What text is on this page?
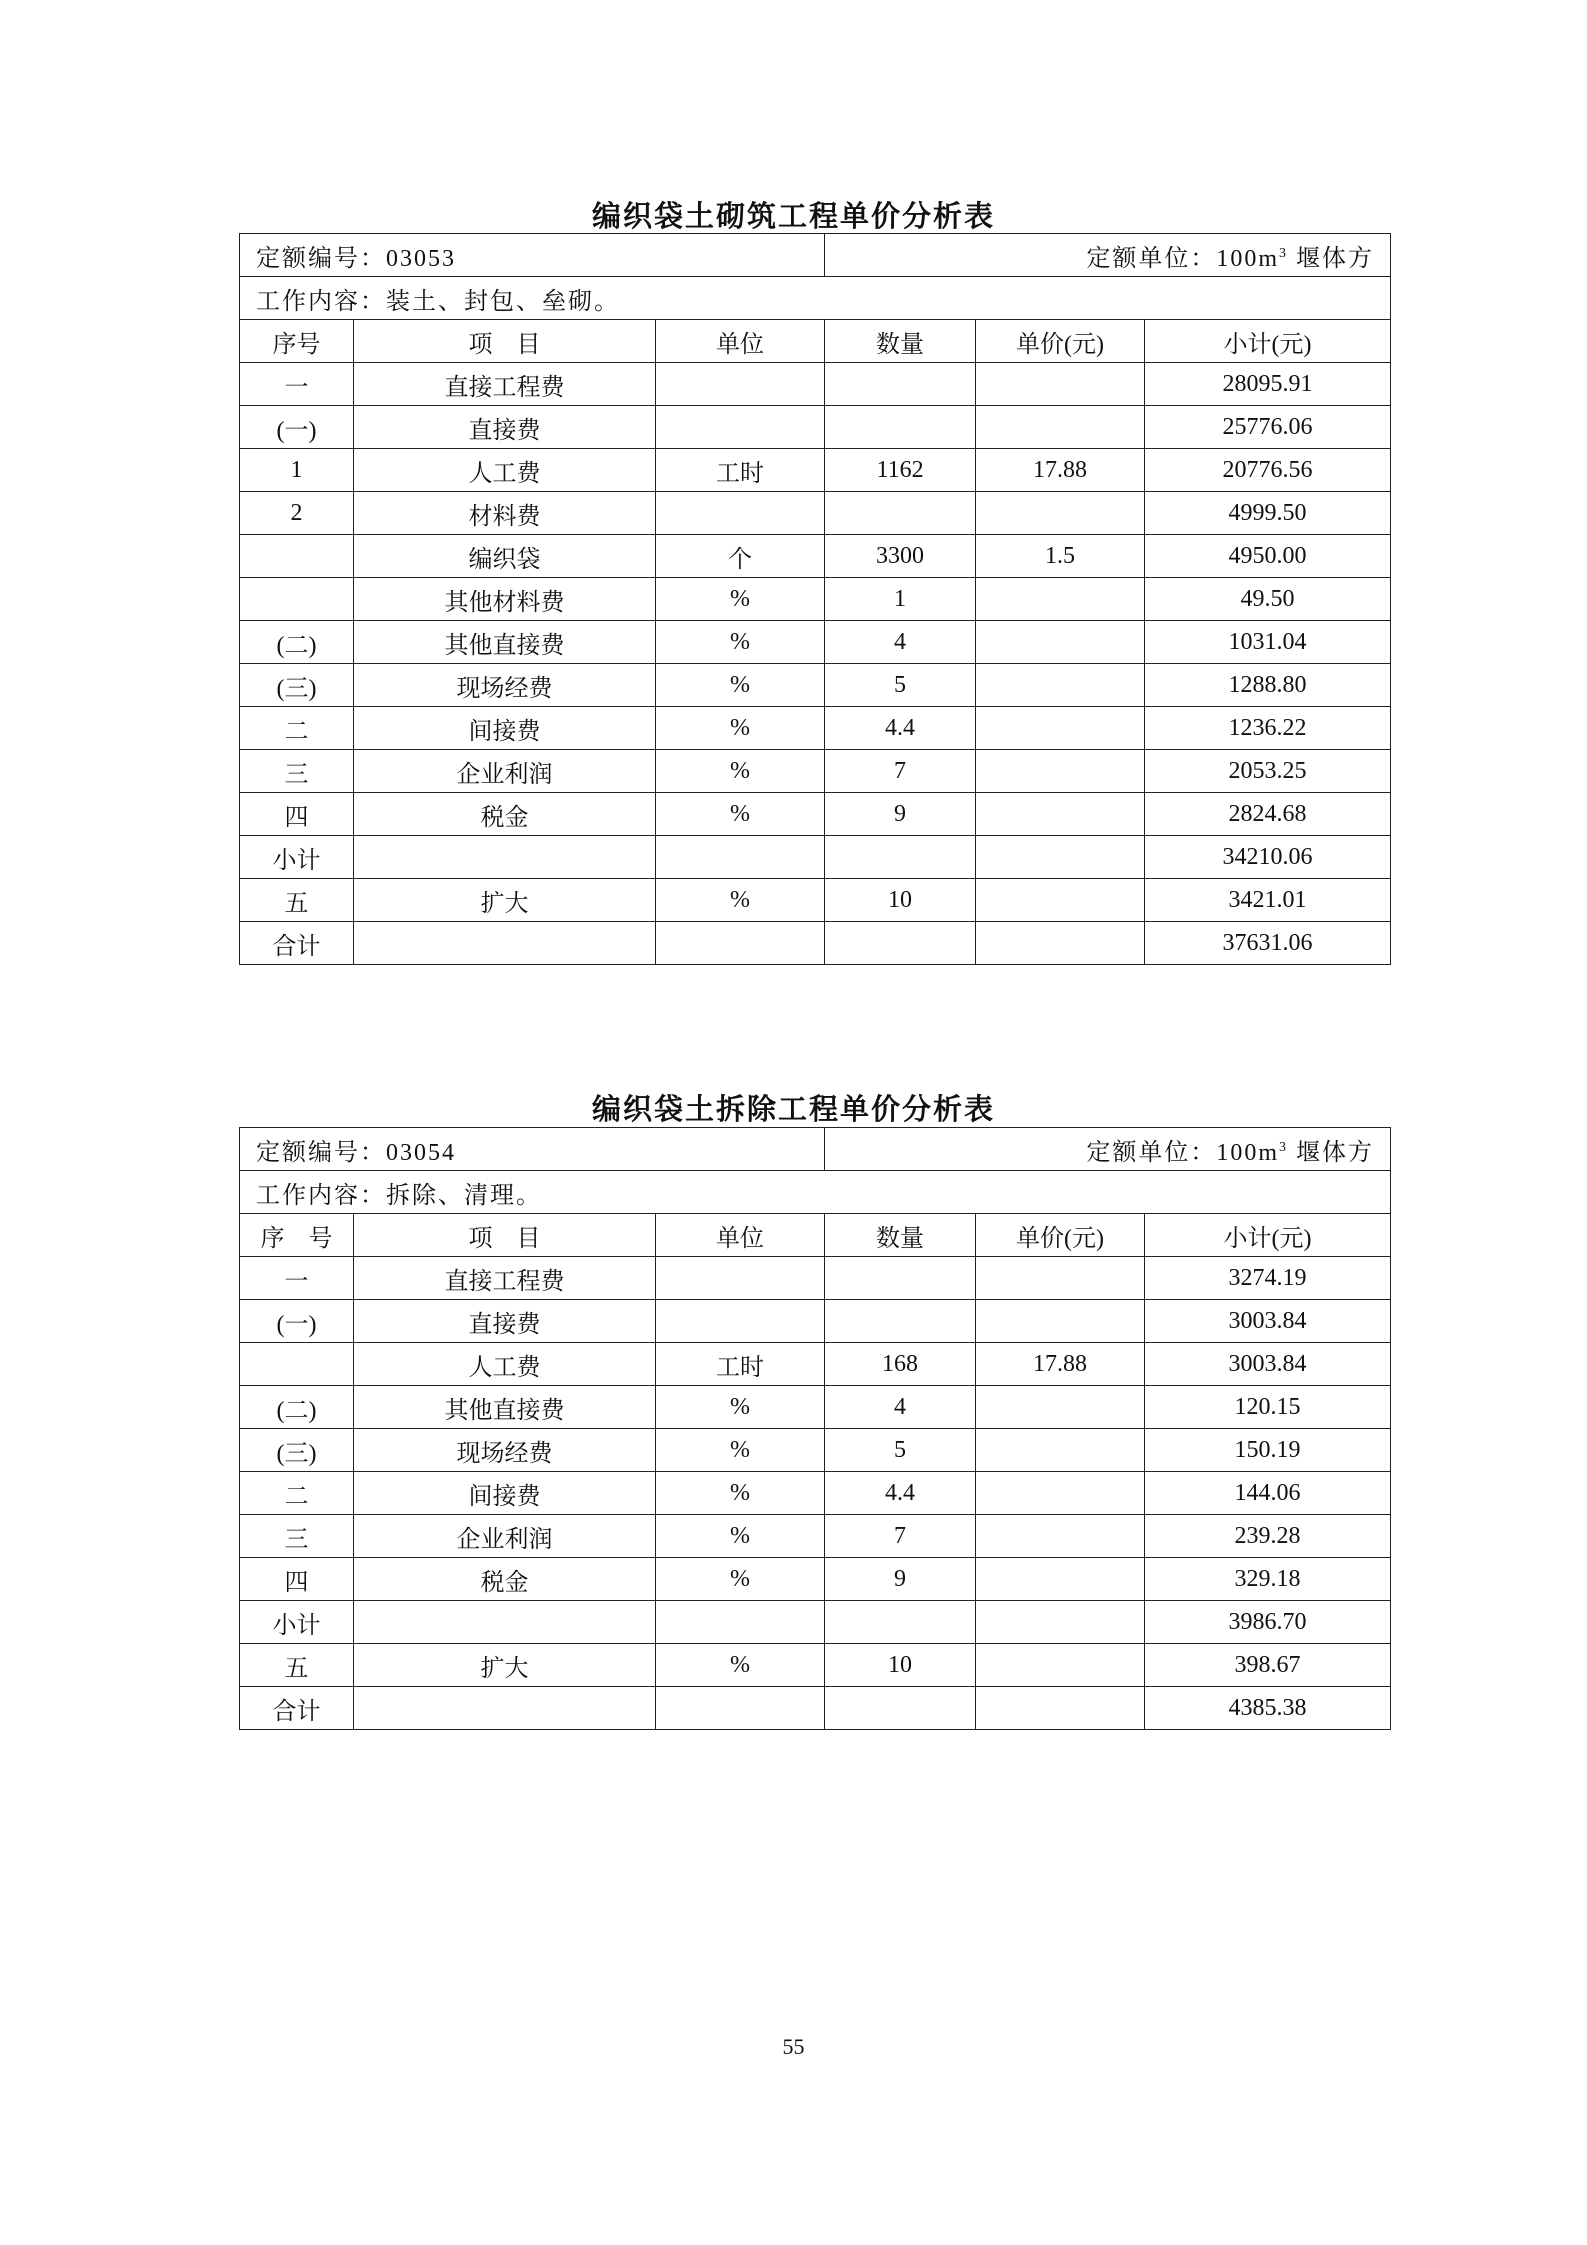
编织袋土砌筑工程单价分析表
定额编号：03053			定额单位：$100m^3$ 堰体方		
工作内容：装土、封包、垒砌。					
序号	项　目	单位	数量	单价(元)	小计(元)
一	直接工程费				28095.91
(一)	直接费				25776.06
1	人工费	工时	1162	17.88	20776.56
2	材料费				4999.50
	编织袋	个	3300	1.5	4950.00
	其他材料费	%	1		49.50
(二)	其他直接费	%	4		1031.04
(三)	现场经费	%	5		1288.80
二	间接费	%	4.4		1236.22
三	企业利润	%	7		2053.25
四	税金	%	9		2824.68
小计					34210.06
五	扩大	%	10		3421.01
合计					37631.06
编织袋土拆除工程单价分析表
定额编号：03054			定额单位：$100m^3$ 堰体方		
工作内容：拆除、清理。					
序　号	项　目	单位	数量	单价(元)	小计(元)
一	直接工程费				3274.19
(一)	直接费				3003.84
	人工费	工时	168	17.88	3003.84
(二)	其他直接费	%	4		120.15
(三)	现场经费	%	5		150.19
二	间接费	%	4.4		144.06
三	企业利润	%	7		239.28
四	税金	%	9		329.18
小计					3986.70
五	扩大	%	10		398.67
合计					4385.38
55
